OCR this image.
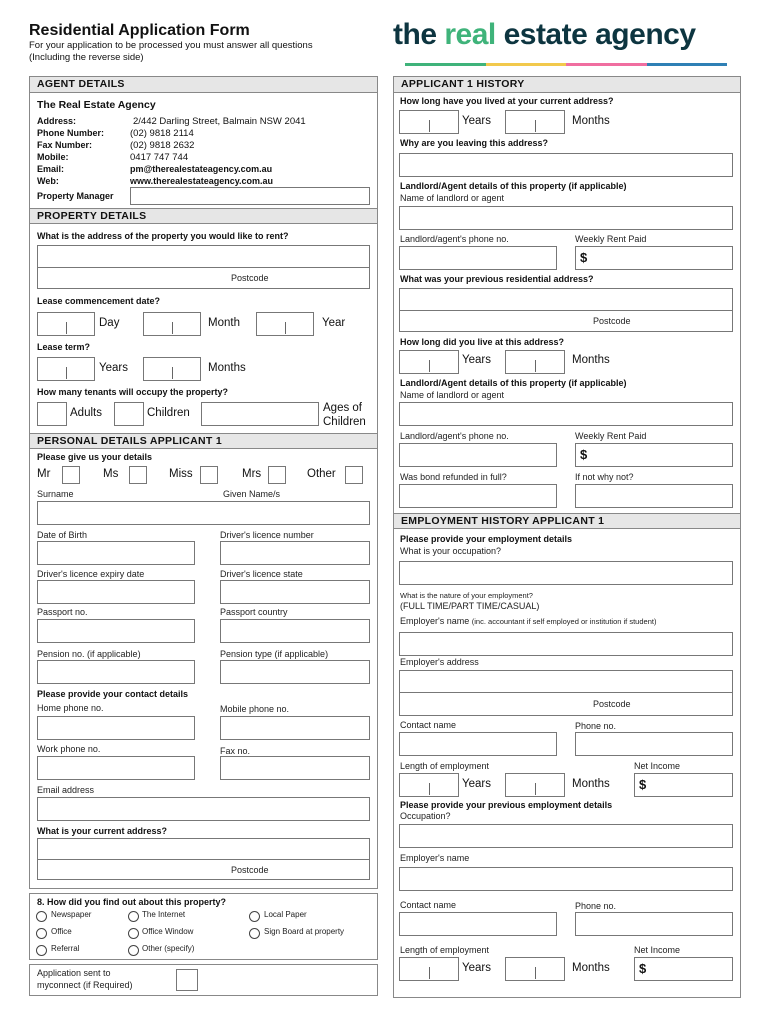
Residential Application Form
For your application to be processed you must answer all questions
(Including the reverse side)
the real estate agency
AGENT DETAILS
The Real Estate Agency
Address:	2/442 Darling Street, Balmain NSW 2041
Phone Number:	(02) 9818 2114
Fax Number:	(02) 9818 2632
Mobile:	0417 747 744
Email:	pm@therealestateagency.com.au
Web:	www.therealestateagency.com.au
Property Manager
PROPERTY DETAILS
What is the address of the property you would like to rent?
Postcode
Lease commencement date?
Day	Month	Year
Lease term?
Years	Months
How many tenants will occupy the property?
Adults	Children	Ages of
Children
PERSONAL DETAILS APPLICANT 1
Please give us your details
Mr	Ms	Miss	Mrs	Other
Surname	Given Name/s
Date of Birth	Driver's licence number
Driver's licence expiry date	Driver's licence state
Passport no.	Passport country
Pension no. (if applicable)	Pension type (if applicable)
Please provide your contact details
Home phone no.	Mobile phone no.
Work phone no.	Fax no.
Email address
What is your current address?
Postcode
8. How did you find out about this property?
Newspaper	The Internet	Local Paper
Office	Office Window	Sign Board at property
Referral	Other (specify)
Application sent to
myconnect (if Required)
APPLICANT 1 HISTORY
How long have you lived at your current address?
Years	Months
Why are you leaving this address?
Landlord/Agent details of this property (if applicable)
Name of landlord or agent
Landlord/agent's phone no.	Weekly Rent Paid
$
What was your previous residential address?
Postcode
How long did you live at this address?
Years	Months
Landlord/Agent details of this property (if applicable)
Name of landlord or agent
Landlord/agent's phone no.	Weekly Rent Paid
$
Was bond refunded in full?	If not why not?
EMPLOYMENT HISTORY APPLICANT 1
Please provide your employment details
What is your occupation?
What is the nature of your employment?
(FULL TIME/PART TIME/CASUAL)
Employer's name (inc. accountant if self employed or institution if student)
Employer's address
Postcode
Contact name	Phone no.
Length of employment	Net Income
Years	Months $
Please provide your previous employment details
Occupation?
Employer's name
Contact name	Phone no.
Length of employment	Net Income
Years	Months $
